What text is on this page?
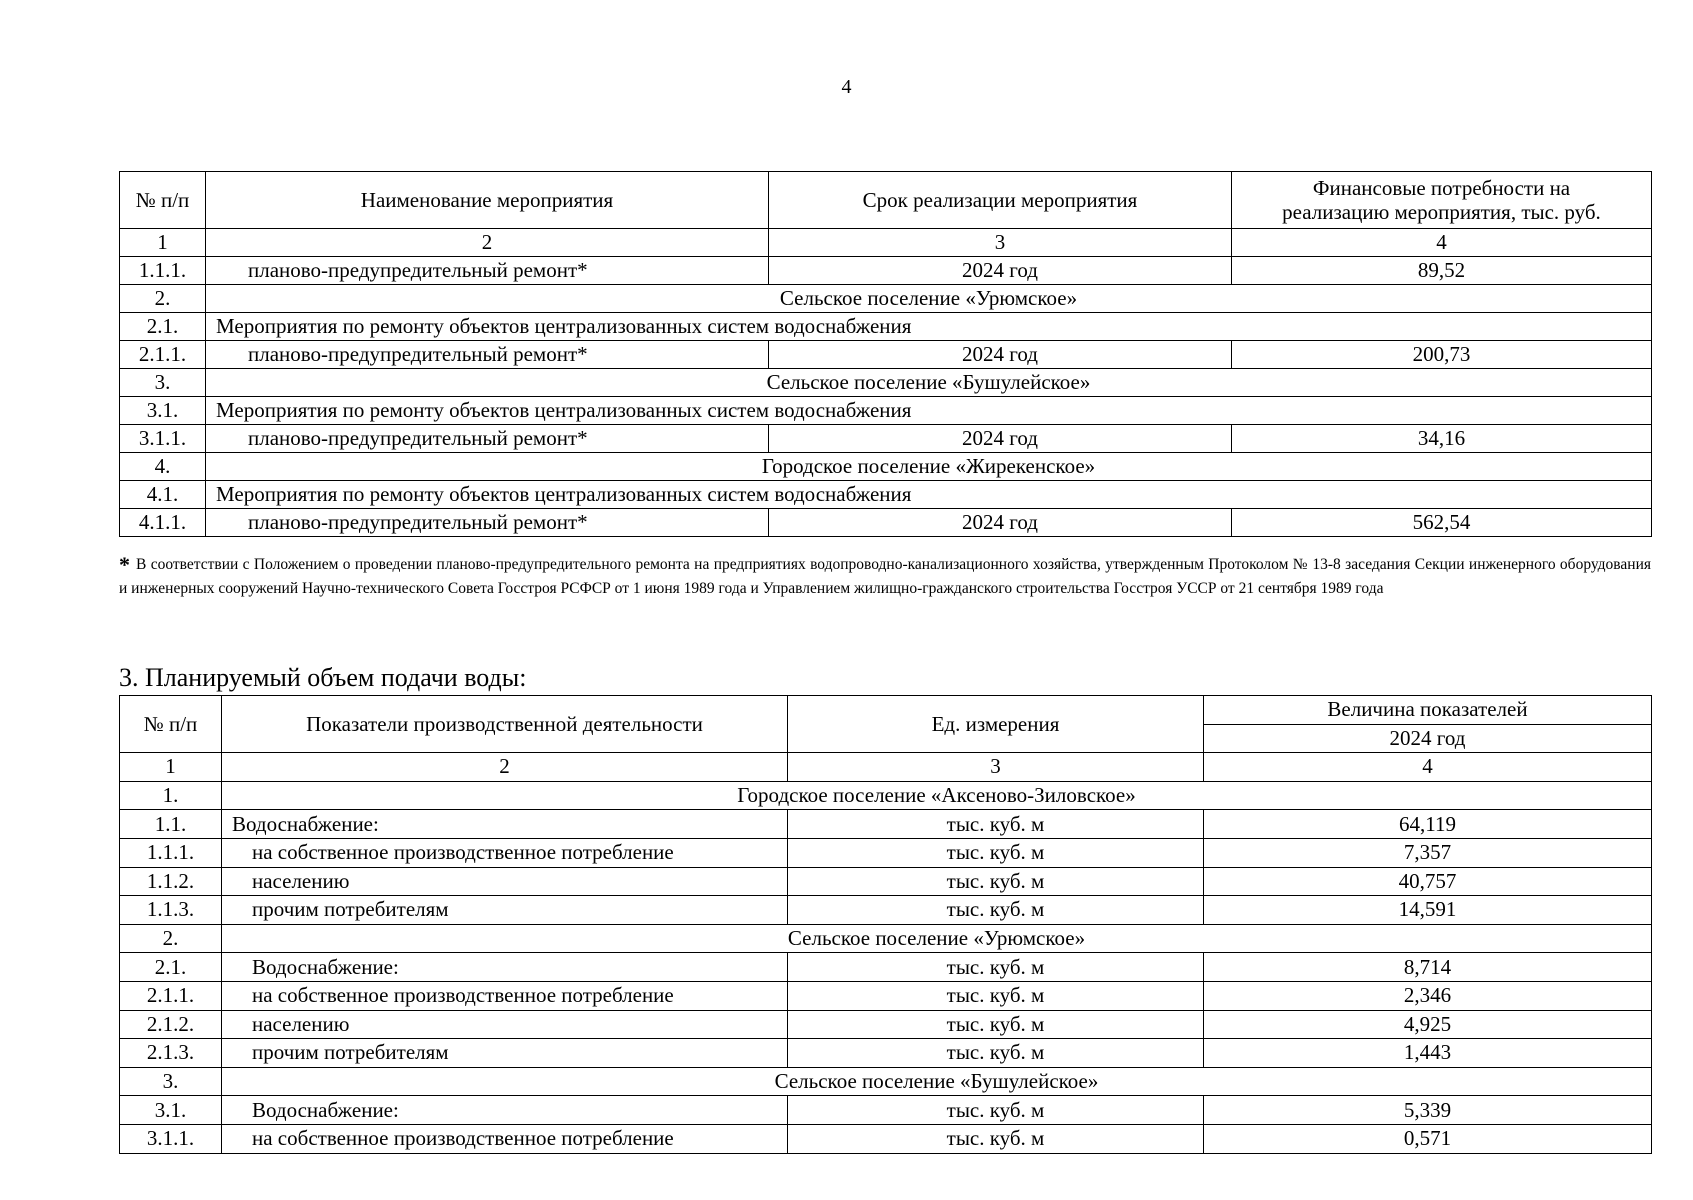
4
№ п/п	Наименование мероприятия	Срок реализации мероприятия	Финансовые потребности на
реализацию мероприятия, тыс. руб.
1	2	3	4
1.1.1.	планово-предупредительный ремонт*	2024 год	89,52
2.	Сельское поселение «Урюмское»		
2.1.	Мероприятия по ремонту объектов централизованных систем водоснабжения		
2.1.1.	планово-предупредительный ремонт*	2024 год	200,73
3.	Сельское поселение «Бушулейское»		
3.1.	Мероприятия по ремонту объектов централизованных систем водоснабжения		
3.1.1.	планово-предупредительный ремонт*	2024 год	34,16
4.	Городское поселение «Жирекенское»		
4.1.	Мероприятия по ремонту объектов централизованных систем водоснабжения		
4.1.1.	планово-предупредительный ремонт*	2024 год	562,54
* В соответствии с Положением о проведении планово-предупредительного ремонта на предприятиях водопроводно-канализационного хозяйства, утвержденным Протоколом № 13-8 заседания Секции инженерного оборудования и инженерных сооружений Научно-технического Совета Госстроя РСФСР от 1 июня 1989 года и Управлением жилищно-гражданского строительства Госстроя УССР от 21 сентября 1989 года
3. Планируемый объем подачи воды:
№ п/п	Показатели производственной деятельности	Ед. измерения	Величина показателей
			2024 год
1	2	3	4
1.	Городское поселение «Аксеново-Зиловское»		
1.1.	Водоснабжение:	тыс. куб. м	64,119
1.1.1.	на собственное производственное потребление	тыс. куб. м	7,357
1.1.2.	населению	тыс. куб. м	40,757
1.1.3.	прочим потребителям	тыс. куб. м	14,591
2.	Сельское поселение «Урюмское»		
2.1.	Водоснабжение:	тыс. куб. м	8,714
2.1.1.	на собственное производственное потребление	тыс. куб. м	2,346
2.1.2.	населению	тыс. куб. м	4,925
2.1.3.	прочим потребителям	тыс. куб. м	1,443
3.	Сельское поселение «Бушулейское»		
3.1.	Водоснабжение:	тыс. куб. м	5,339
3.1.1.	на собственное производственное потребление	тыс. куб. м	0,571
